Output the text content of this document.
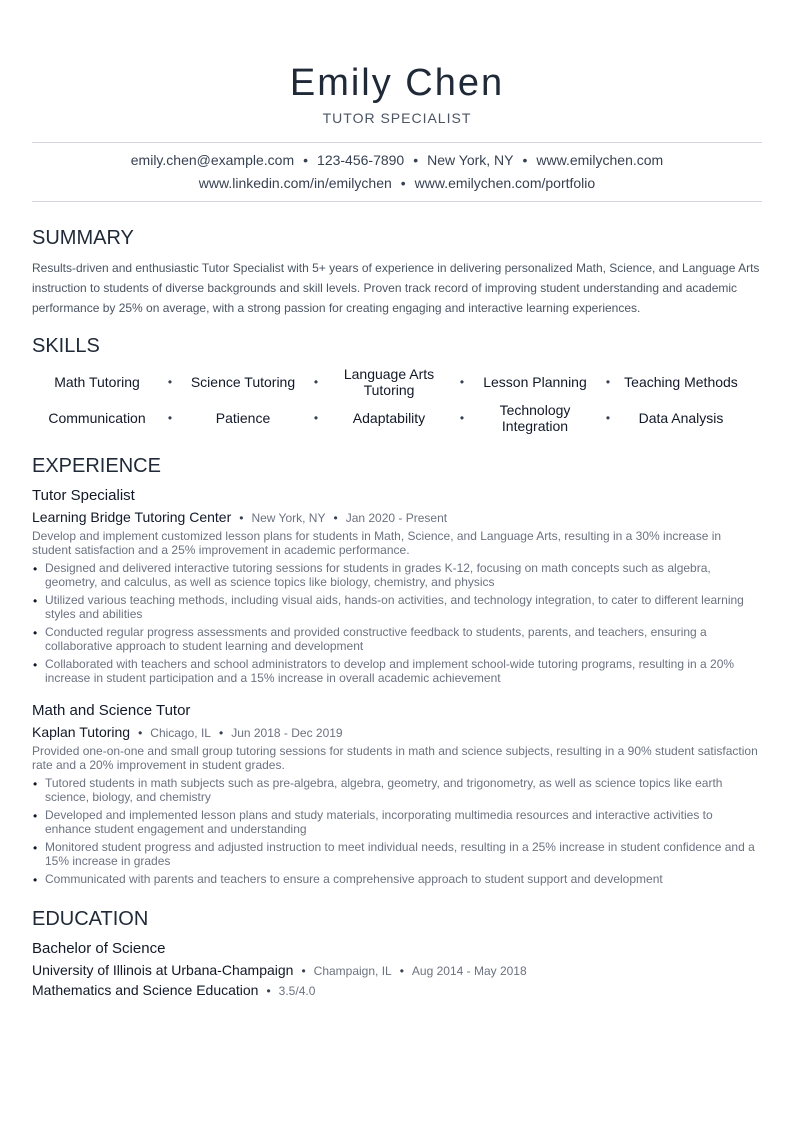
Emily Chen
TUTOR SPECIALIST
emily.chen@example.com • 123-456-7890 • New York, NY • www.emilychen.com
www.linkedin.com/in/emilychen • www.emilychen.com/portfolio
SUMMARY
Results-driven and enthusiastic Tutor Specialist with 5+ years of experience in delivering personalized Math, Science, and Language Arts instruction to students of diverse backgrounds and skill levels. Proven track record of improving student understanding and academic performance by 25% on average, with a strong passion for creating engaging and interactive learning experiences.
SKILLS
Math Tutoring	•	Science Tutoring	•	Language Arts Tutoring	•	Lesson Planning	•	Teaching Methods
Communication	•	Patience	•	Adaptability	•	Technology Integration	•	Data Analysis
EXPERIENCE
Tutor Specialist
Learning Bridge Tutoring Center • New York, NY • Jan 2020 - Present
Develop and implement customized lesson plans for students in Math, Science, and Language Arts, resulting in a 30% increase in student satisfaction and a 25% improvement in academic performance.
• Designed and delivered interactive tutoring sessions for students in grades K-12, focusing on math concepts such as algebra, geometry, and calculus, as well as science topics like biology, chemistry, and physics
• Utilized various teaching methods, including visual aids, hands-on activities, and technology integration, to cater to different learning styles and abilities
• Conducted regular progress assessments and provided constructive feedback to students, parents, and teachers, ensuring a collaborative approach to student learning and development
• Collaborated with teachers and school administrators to develop and implement school-wide tutoring programs, resulting in a 20% increase in student participation and a 15% increase in overall academic achievement
Math and Science Tutor
Kaplan Tutoring • Chicago, IL • Jun 2018 - Dec 2019
Provided one-on-one and small group tutoring sessions for students in math and science subjects, resulting in a 90% student satisfaction rate and a 20% improvement in student grades.
• Tutored students in math subjects such as pre-algebra, algebra, geometry, and trigonometry, as well as science topics like earth science, biology, and chemistry
• Developed and implemented lesson plans and study materials, incorporating multimedia resources and interactive activities to enhance student engagement and understanding
• Monitored student progress and adjusted instruction to meet individual needs, resulting in a 25% increase in student confidence and a 15% increase in grades
• Communicated with parents and teachers to ensure a comprehensive approach to student support and development
EDUCATION
Bachelor of Science
University of Illinois at Urbana-Champaign • Champaign, IL • Aug 2014 - May 2018
Mathematics and Science Education • 3.5/4.0
